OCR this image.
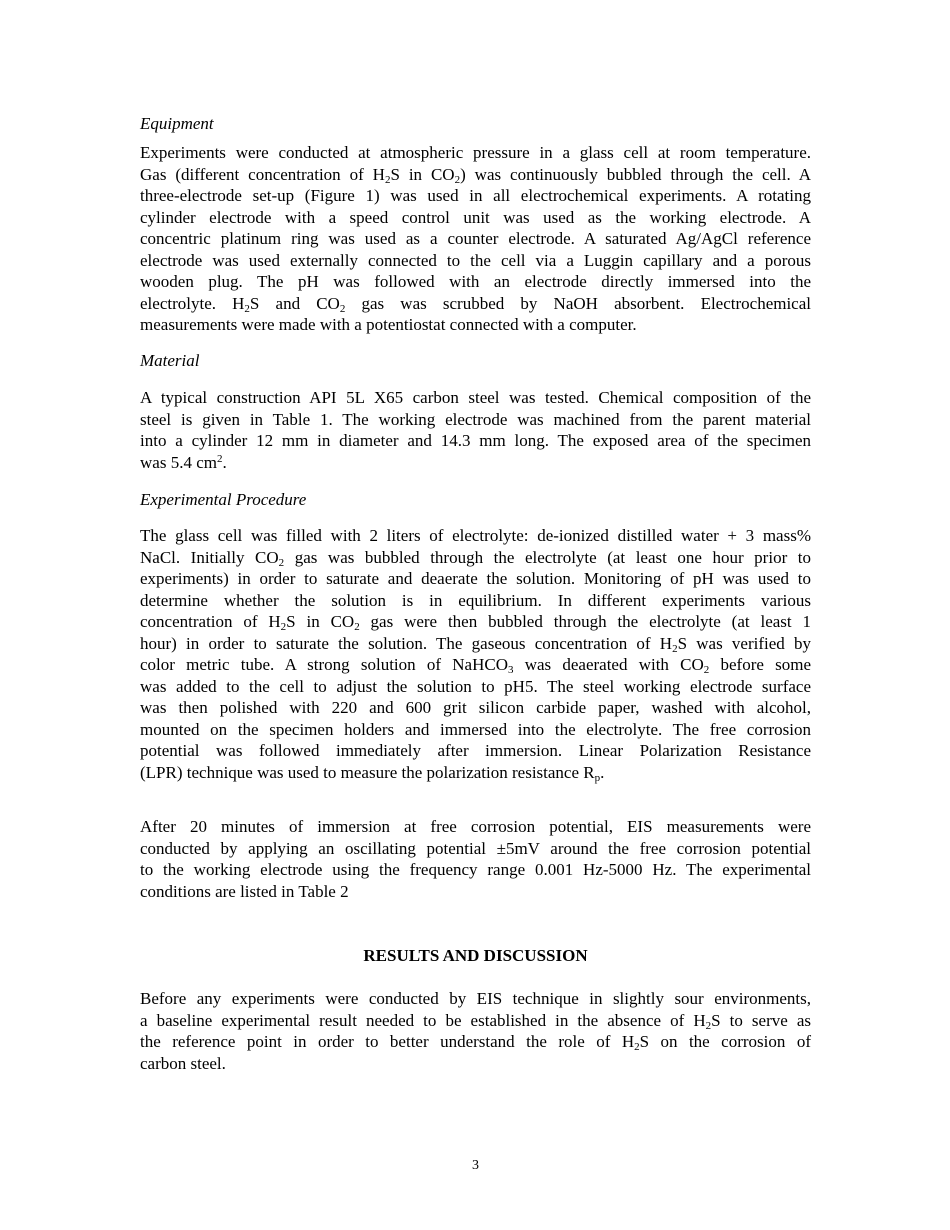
Equipment
Experiments were conducted at atmospheric pressure in a glass cell at room temperature.
Gas (different concentration of $H_2S$ in $CO_2$) was continuously bubbled through the cell. A
three-electrode set-up (Figure 1) was used in all electrochemical experiments. A rotating
cylinder electrode with a speed control unit was used as the working electrode. A
concentric platinum ring was used as a counter electrode. A saturated Ag/AgCl reference
electrode was used externally connected to the cell via a Luggin capillary and a porous
wooden plug. The pH was followed with an electrode directly immersed into the
electrolyte. $H_2S$ and $CO_2$ gas was scrubbed by NaOH absorbent. Electrochemical
measurements were made with a potentiostat connected with a computer.
Material
A typical construction API 5L X65 carbon steel was tested. Chemical composition of the
steel is given in Table 1. The working electrode was machined from the parent material
into a cylinder 12 mm in diameter and 14.3 mm long. The exposed area of the specimen
was 5.4 $cm^2$.
Experimental Procedure
The glass cell was filled with 2 liters of electrolyte: de-ionized distilled water + 3 mass%
NaCl. Initially $CO_2$ gas was bubbled through the electrolyte (at least one hour prior to
experiments) in order to saturate and deaerate the solution. Monitoring of pH was used to
determine whether the solution is in equilibrium. In different experiments various
concentration of $H_2S$ in $CO_2$ gas were then bubbled through the electrolyte (at least 1
hour) in order to saturate the solution. The gaseous concentration of $H_2S$ was verified by
color metric tube. A strong solution of NaHCO$_3$ was deaerated with $CO_2$ before some
was added to the cell to adjust the solution to pH5. The steel working electrode surface
was then polished with 220 and 600 grit silicon carbide paper, washed with alcohol,
mounted on the specimen holders and immersed into the electrolyte. The free corrosion
potential was followed immediately after immersion. Linear Polarization Resistance
(LPR) technique was used to measure the polarization resistance $R_p$.
After 20 minutes of immersion at free corrosion potential, EIS measurements were
conducted by applying an oscillating potential ±5mV around the free corrosion potential
to the working electrode using the frequency range 0.001 Hz-5000 Hz. The experimental
conditions are listed in Table 2
RESULTS AND DISCUSSION
Before any experiments were conducted by EIS technique in slightly sour environments,
a baseline experimental result needed to be established in the absence of $H_2S$ to serve as
the reference point in order to better understand the role of $H_2S$ on the corrosion of
carbon steel.
3
